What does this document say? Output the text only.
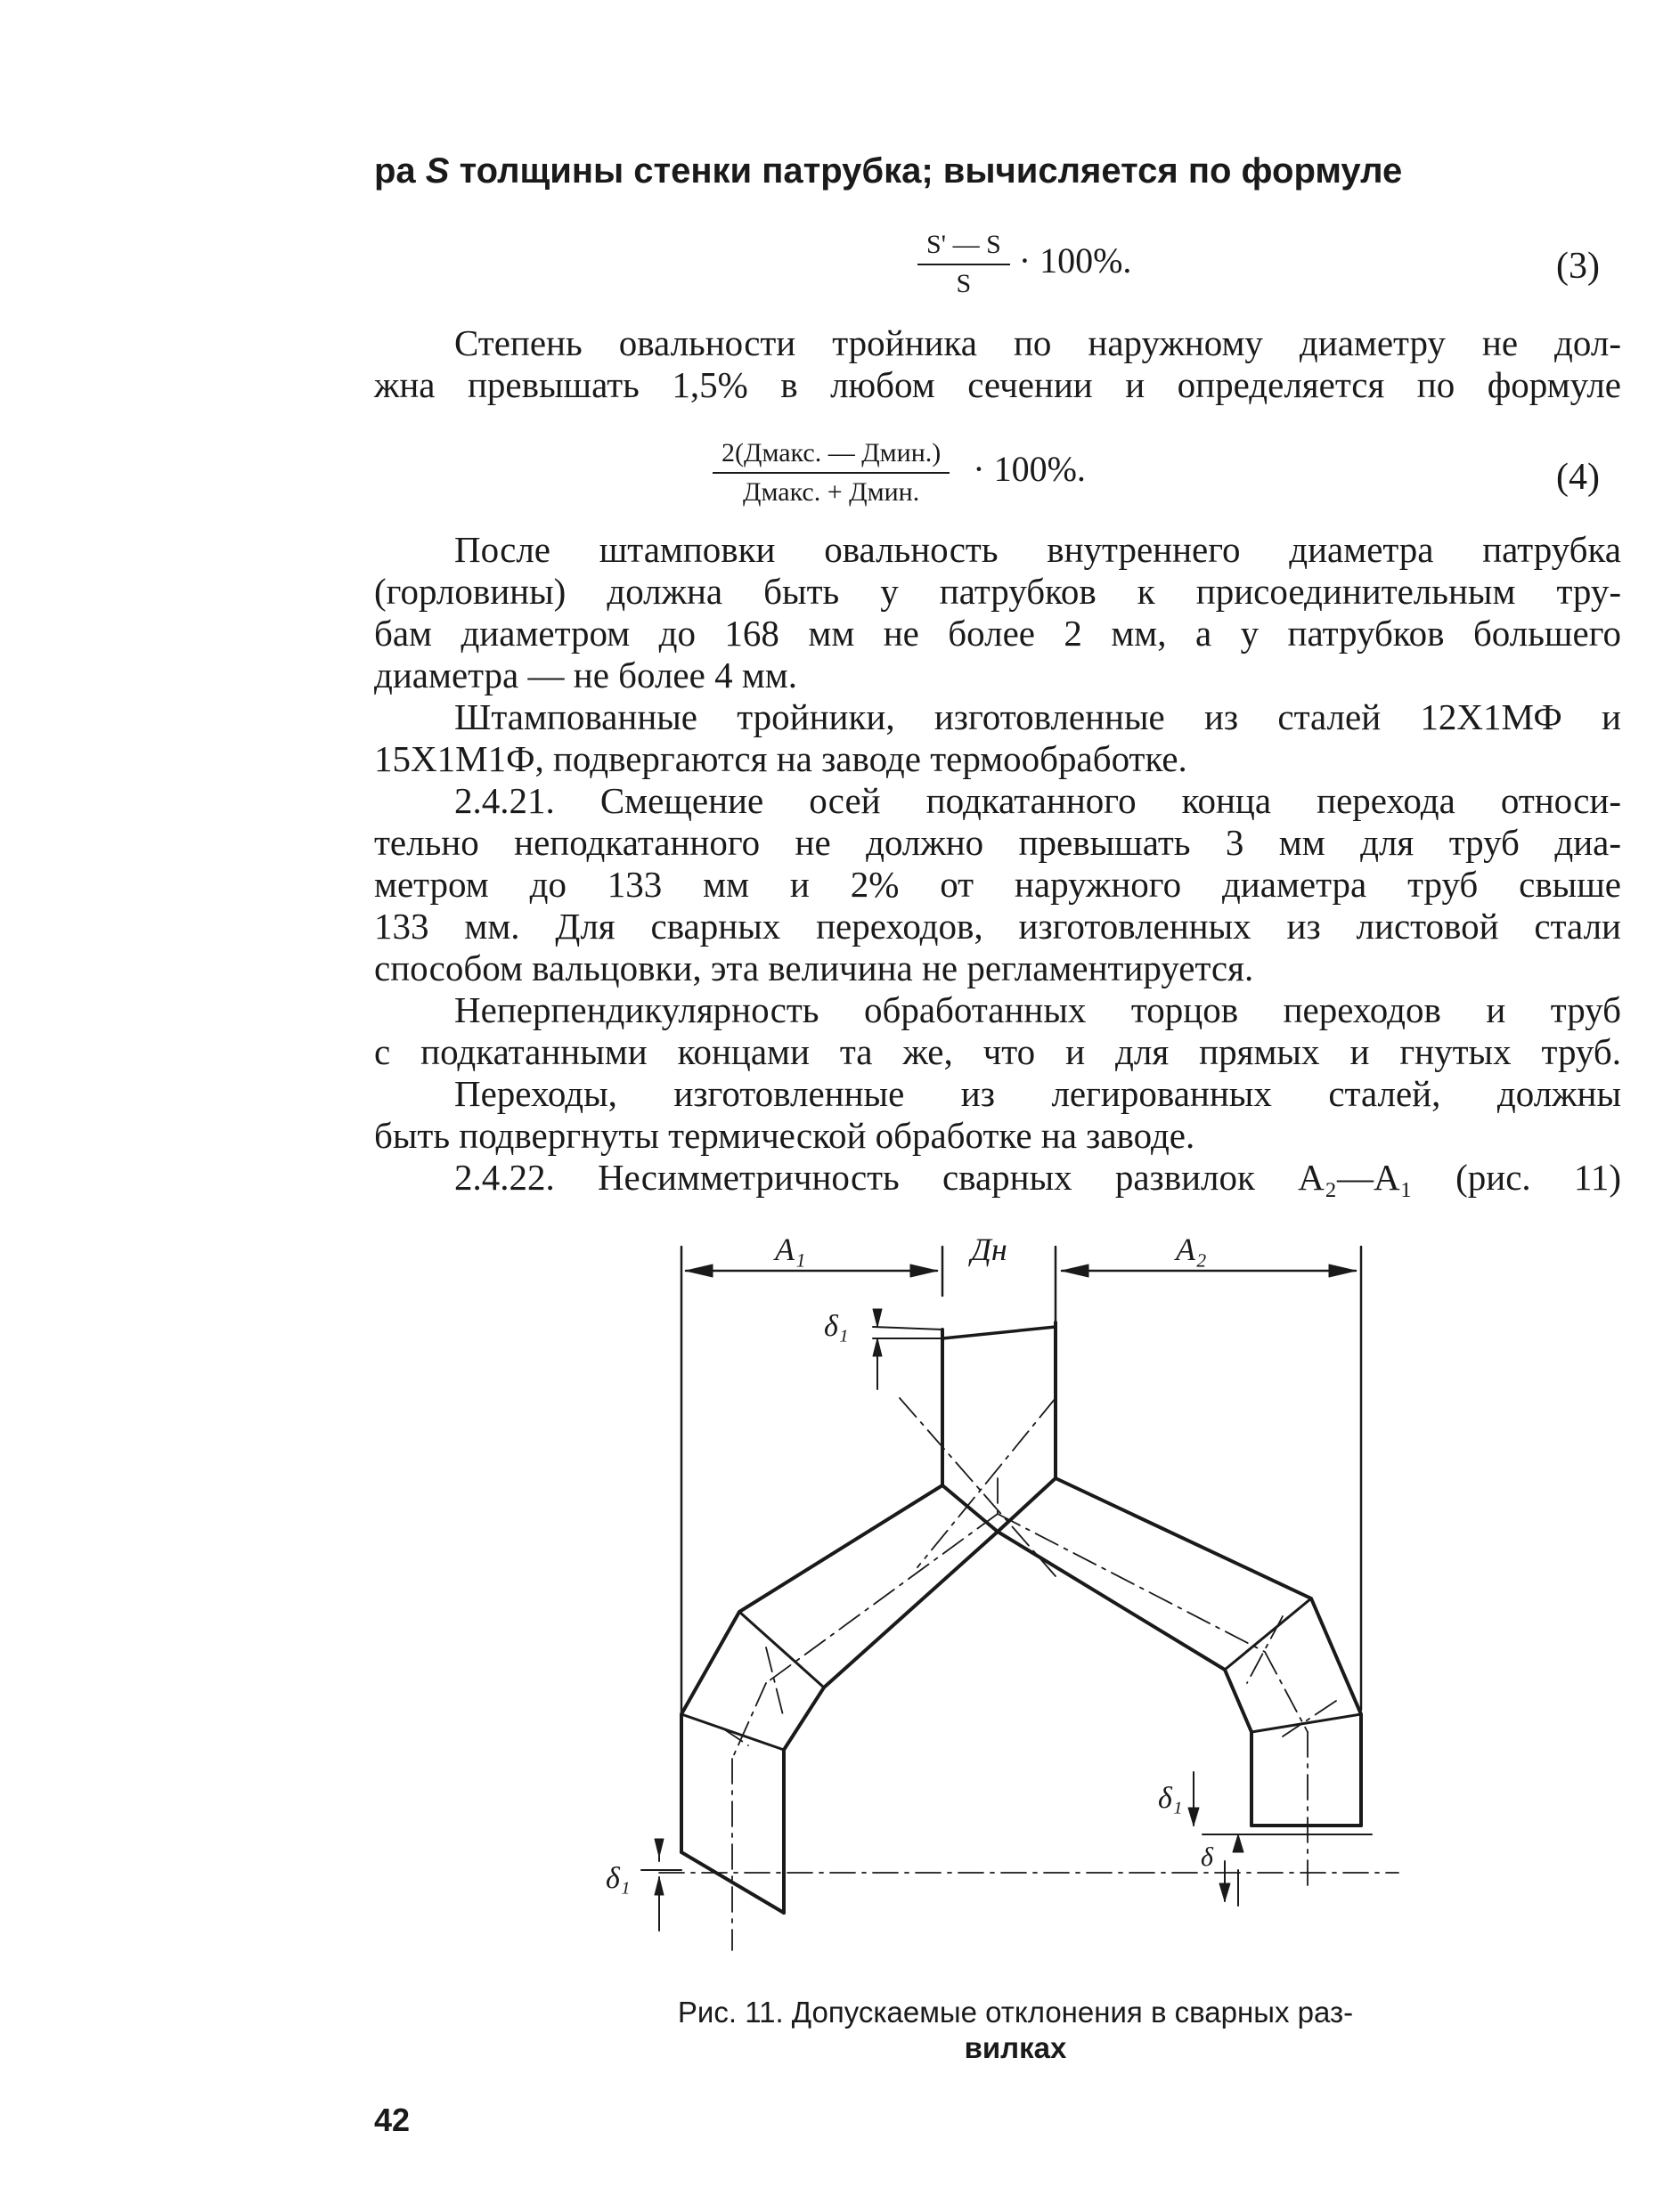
ра S толщины стенки патрубка; вычисляется по формуле
$\frac{S' — S}{S} \cdot 100\%$.	(3)
Степень овальности тройника по наружному диаметру не дол-
жна превышать 1,5% в любом сечении и определяется по формуле
$\frac{\text{2(Дмакс. — Дмин.)}}{\text{Дмакс. + Дмин.}} \cdot 100\%$.	(4)
После штамповки овальность внутреннего диаметра патрубка
(горловины) должна быть у патрубков к присоединительным тру-
бам диаметром до 168 мм не более 2 мм, а у патрубков большего
диаметра — не более 4 мм.
Штампованные тройники, изготовленные из сталей 12Х1МФ и
15Х1М1Ф, подвергаются на заводе термообработке.
2.4.21. Смещение осей подкатанного конца перехода относи-
тельно неподкатанного не должно превышать 3 мм для труб диа-
метром до 133 мм и 2% от наружного диаметра труб свыше
133 мм. Для сварных переходов, изготовленных из листовой стали
способом вальцовки, эта величина не регламентируется.
Неперпендикулярность обработанных торцов переходов и труб
с подкатанными концами та же, что и для прямых и гнутых труб.
Переходы, изготовленные из легированных сталей, должны
быть подвергнуты термической обработке на заводе.
2.4.22. Несимметричность сварных развилок А₂—А₁ (рис. 11)
A₁	Дн	A₂
δ₁
δ₁
δ₁
δ
Рис. 11. Допускаемые отклонения в сварных раз-
вилках
42
